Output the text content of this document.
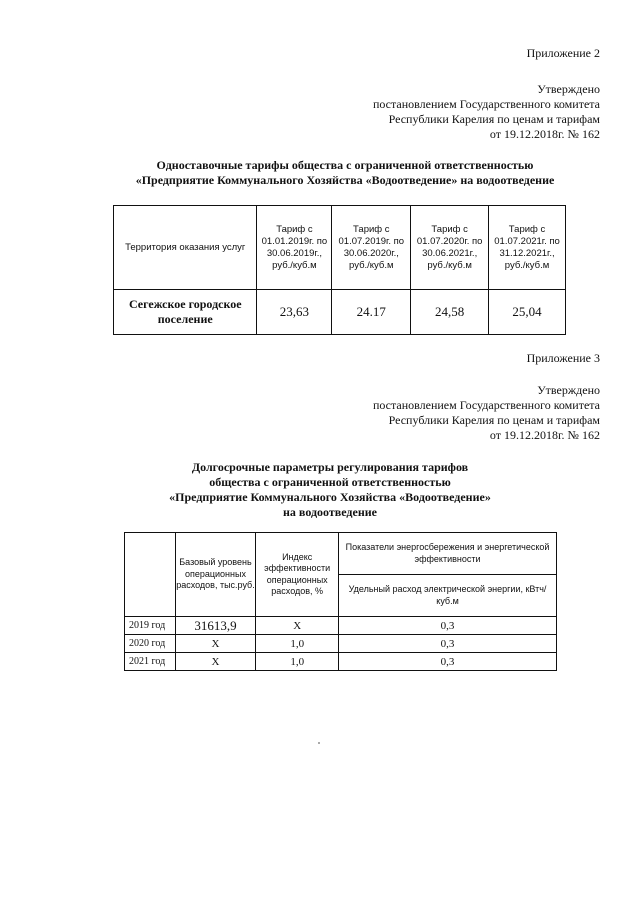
Приложение 2
Утверждено
постановлением Государственного комитета
Республики Карелия по ценам и тарифам
от 19.12.2018г. № 162
Одноставочные тарифы общества с ограниченной ответственностью
«Предприятие Коммунального Хозяйства «Водоотведение» на водоотведение
Территория оказания услуг	Тариф с 01.01.2019г. по 30.06.2019г., руб./куб.м	Тариф с 01.07.2019г. по 30.06.2020г., руб./куб.м	Тариф с 01.07.2020г. по 30.06.2021г., руб./куб.м	Тариф с 01.07.2021г. по 31.12.2021г., руб./куб.м
Сегежское городское поселение	23,63	24.17	24,58	25,04
Приложение 3
Утверждено
постановлением Государственного комитета
Республики Карелия по ценам и тарифам
от 19.12.2018г. № 162
Долгосрочные параметры регулирования тарифов
общества с ограниченной ответственностью
«Предприятие Коммунального Хозяйства «Водоотведение»
на водоотведение
	Базовый уровень операционных расходов, тыс.руб.	Индекс эффективности операционных расходов, %	Показатели энергосбережения и энергетической эффективности
			Удельный расход электрической энергии, кВтч/куб.м
2019 год	31613,9	Х	0,3
2020 год	Х	1,0	0,3
2021 год	Х	1,0	0,3
